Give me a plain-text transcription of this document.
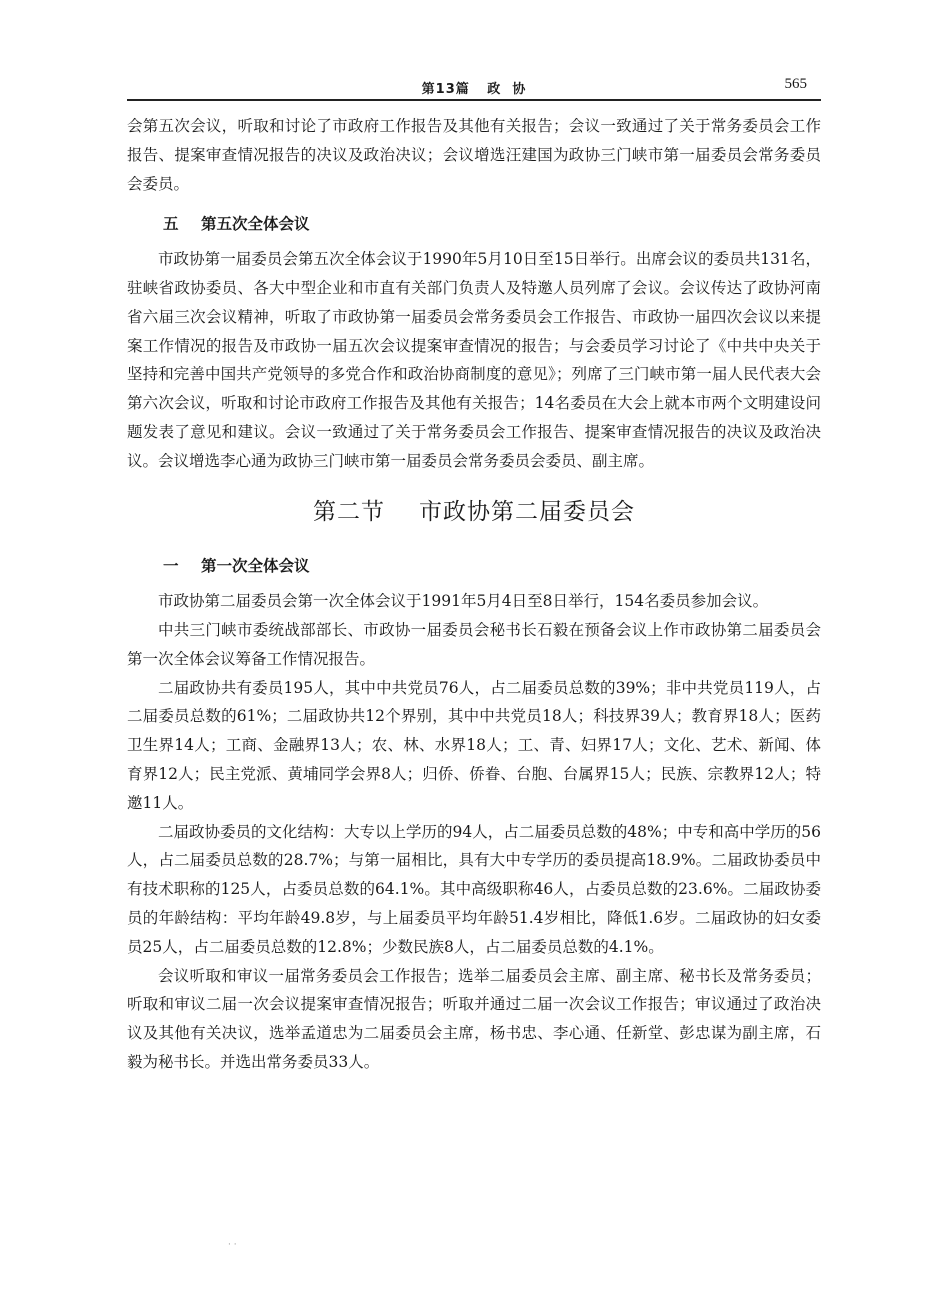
第13篇 政  协	565

会第五次会议，听取和讨论了市政府工作报告及其他有关报告；会议一致通过了关于常务委员会工作报告、提案审查情况报告的决议及政治决议；会议增选汪建国为政协三门峡市第一届委员会常务委员会委员。

五 第五次全体会议

市政协第一届委员会第五次全体会议于1990年5月10日至15日举行。出席会议的委员共131名，驻峡省政协委员、各大中型企业和市直有关部门负责人及特邀人员列席了会议。会议传达了政协河南省六届三次会议精神，听取了市政协第一届委员会常务委员会工作报告、市政协一届四次会议以来提案工作情况的报告及市政协一届五次会议提案审查情况的报告；与会委员学习讨论了《中共中央关于坚持和完善中国共产党领导的多党合作和政治协商制度的意见》；列席了三门峡市第一届人民代表大会第六次会议，听取和讨论市政府工作报告及其他有关报告；14名委员在大会上就本市两个文明建设问题发表了意见和建议。会议一致通过了关于常务委员会工作报告、提案审查情况报告的决议及政治决议。会议增选李心通为政协三门峡市第一届委员会常务委员会委员、副主席。

第二节 市政协第二届委员会
一 第一次全体会议

市政协第二届委员会第一次全体会议于1991年5月4日至8日举行，154名委员参加会议。

中共三门峡市委统战部部长、市政协一届委员会秘书长石毅在预备会议上作市政协第二届委员会第一次全体会议筹备工作情况报告。

二届政协共有委员195人，其中中共党员76人，占二届委员总数的39%；非中共党员119人，占二届委员总数的61%；二届政协共12个界别，其中中共党员18人；科技界39人；教育界18人；医药卫生界14人；工商、金融界13人；农、林、水界18人；工、青、妇界17人；文化、艺术、新闻、体育界12人；民主党派、黄埔同学会界8人；归侨、侨眷、台胞、台属界15人；民族、宗教界12人；特邀11人。

二届政协委员的文化结构：大专以上学历的94人，占二届委员总数的48%；中专和高中学历的56人，占二届委员总数的28.7%；与第一届相比，具有大中专学历的委员提高18.9%。二届政协委员中有技术职称的125人，占委员总数的64.1%。其中高级职称46人，占委员总数的23.6%。二届政协委员的年龄结构：平均年龄49.8岁，与上届委员平均年龄51.4岁相比，降低1.6岁。二届政协的妇女委员25人，占二届委员总数的12.8%；少数民族8人，占二届委员总数的4.1%。

会议听取和审议一届常务委员会工作报告；选举二届委员会主席、副主席、秘书长及常务委员；听取和审议二届一次会议提案审查情况报告；听取并通过二届一次会议工作报告；审议通过了政治决议及其他有关决议，选举孟道忠为二届委员会主席，杨书忠、李心通、任新堂、彭忠谋为副主席，石毅为秘书长。并选出常务委员33人。

· ·
